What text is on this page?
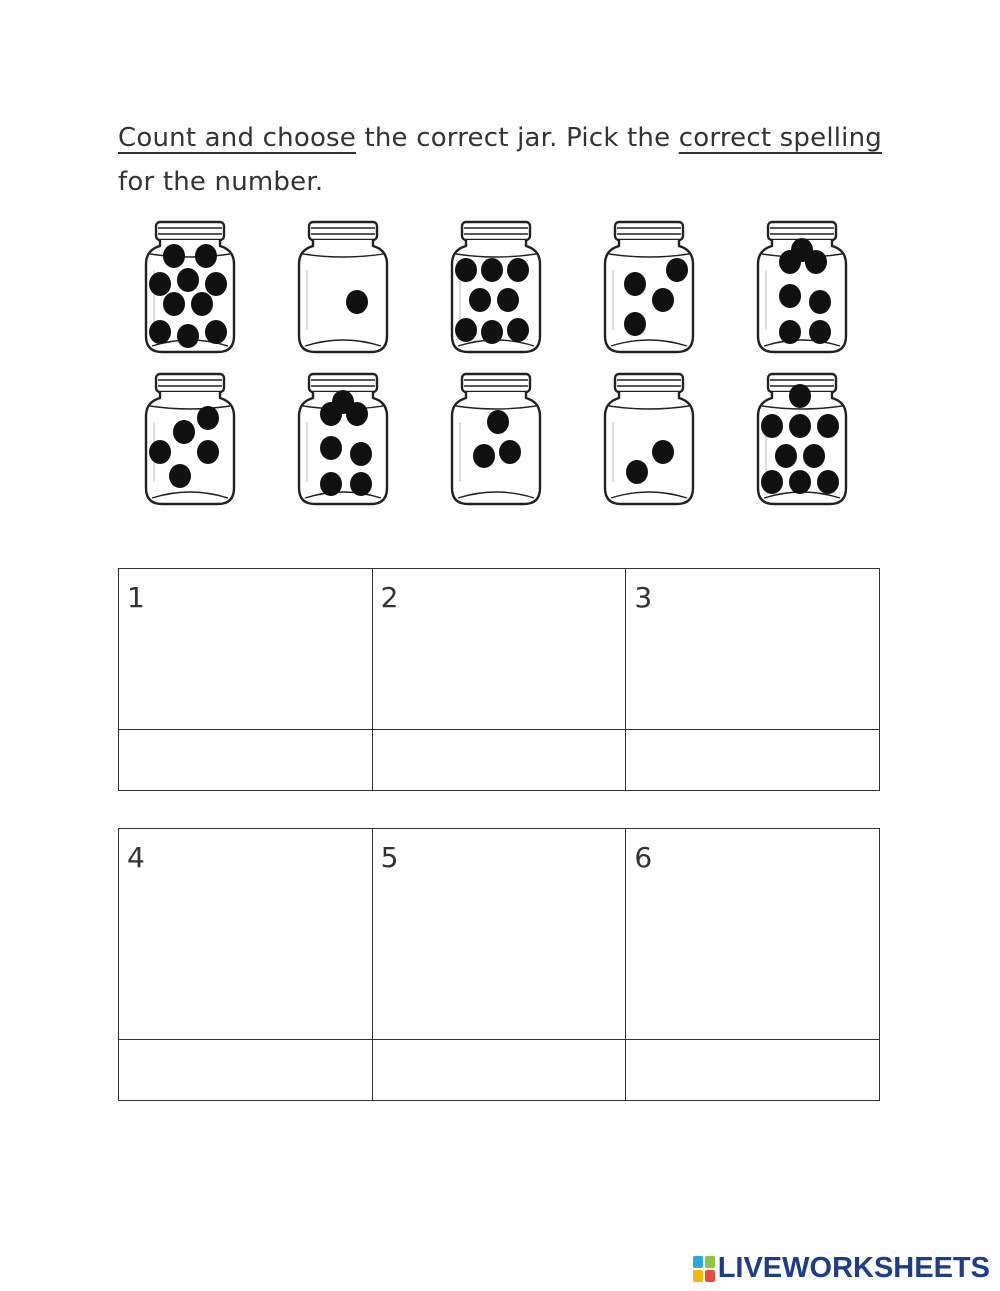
Count and choose the correct jar. Pick the correct spelling
for the number.
1	2	3

4	5	6

LIVEWORKSHEETS
